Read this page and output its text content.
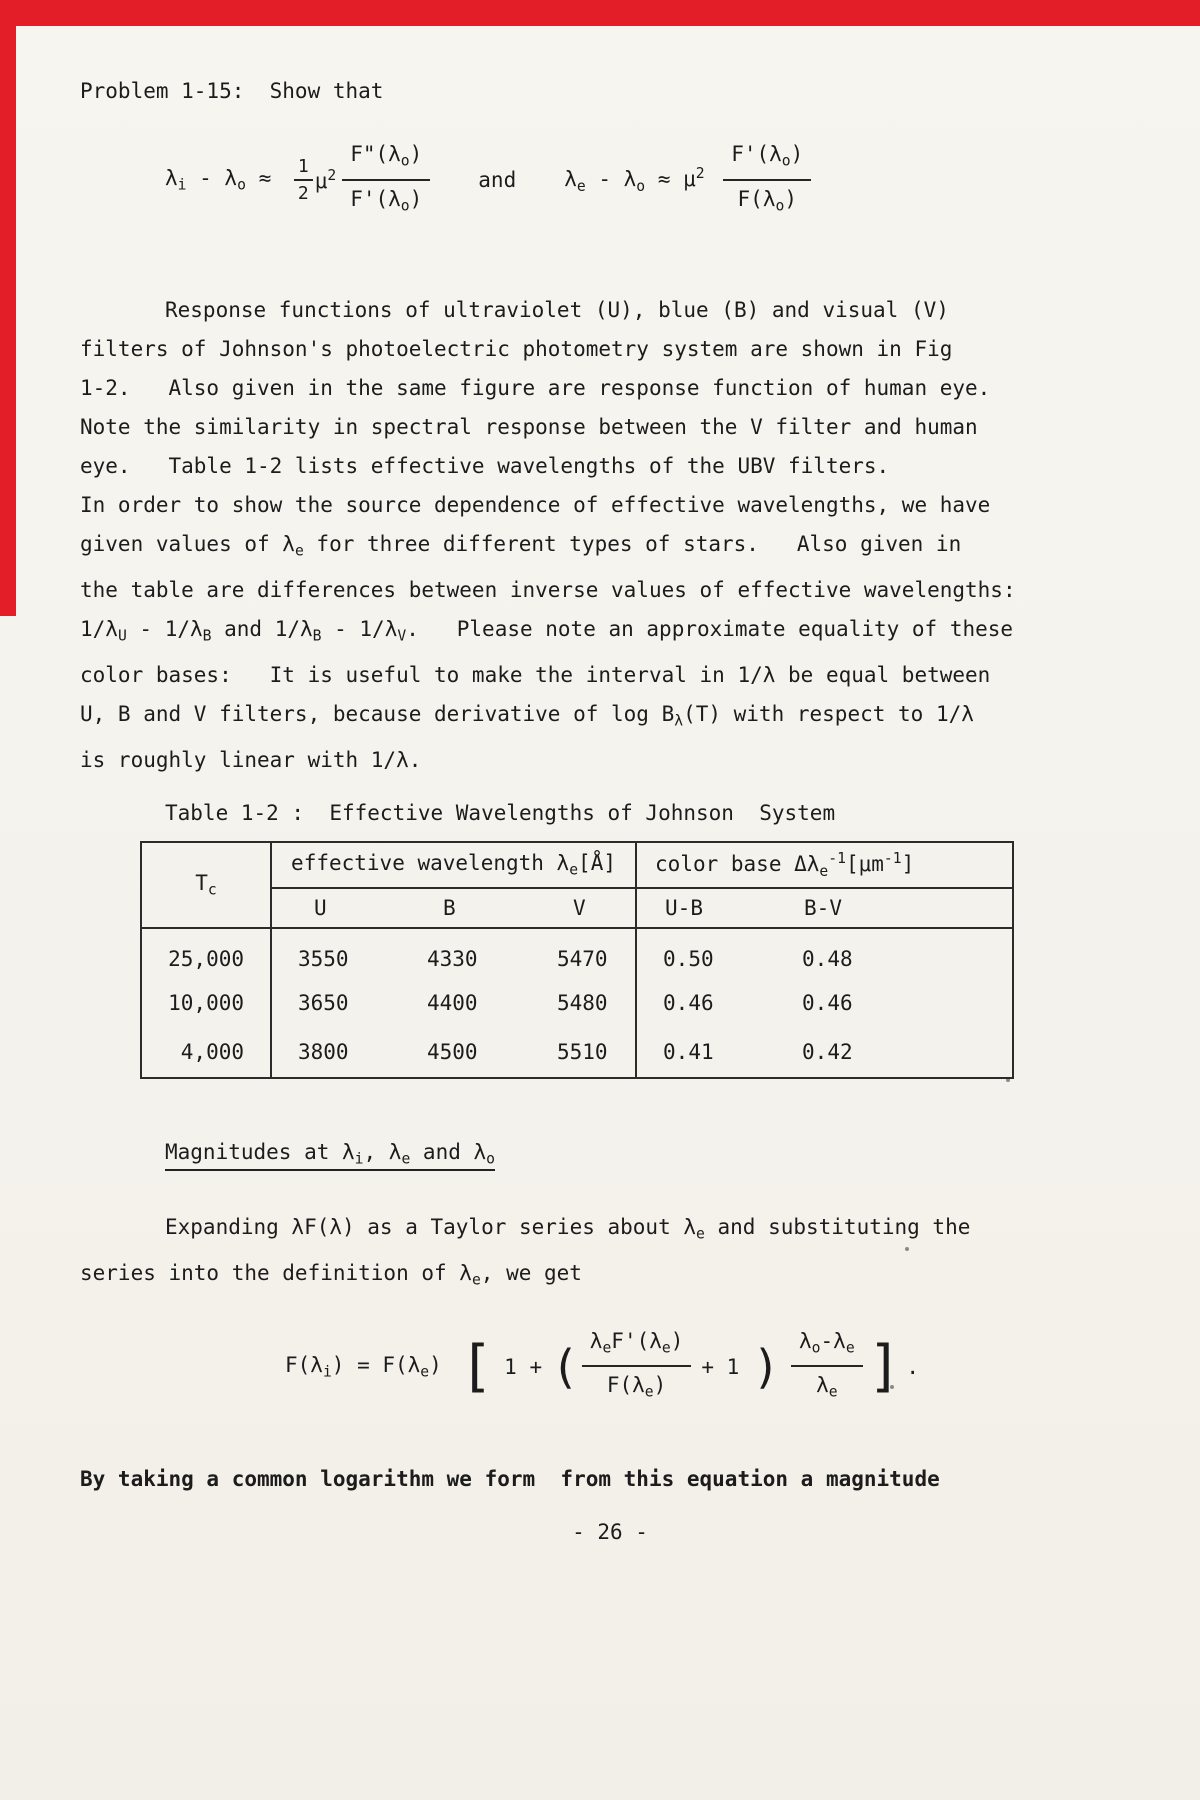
Problem 1-15:  Show that
$\lambda_i - \lambda_o \approx \frac{1}{2} \mu^2 \frac{F"(\lambda_o)}{F'(\lambda_o)}$ and $\lambda_e - \lambda_o \approx \mu^2 \frac{F'(\lambda_o)}{F(\lambda_o)}$
Response functions of ultraviolet (U), blue (B) and visual (V)
filters of Johnson's photoelectric photometry system are shown in Fig
1-2.   Also given in the same figure are response function of human eye.
Note the similarity in spectral response between the V filter and human
eye.   Table 1-2 lists effective wavelengths of the UBV filters.
In order to show the source dependence of effective wavelengths, we have
given values of $\lambda_e$ for three different types of stars.   Also given in
the table are differences between inverse values of effective wavelengths:
$1/\lambda_U - 1/\lambda_B$ and $1/\lambda_B - 1/\lambda_V$.   Please note an approximate equality of these
color bases:   It is useful to make the interval in 1/λ be equal between
U, B and V filters, because derivative of $\log B_\lambda(T)$ with respect to 1/λ
is roughly linear with 1/λ.
Table 1-2 :  Effective Wavelengths of Johnson  System
$T_c$	effective wavelength $\lambda_e[Å]$			color base $\Delta\lambda_e^{-1}[\mu m^{-1}]$	
	U	B	V	U-B	B-V
25,000	3550	4330	5470	0.50	0.48
10,000	3650	4400	5480	0.46	0.46
4,000	3800	4500	5510	0.41	0.42
Magnitudes at $\lambda_i$, $\lambda_e$ and $\lambda_o$
Expanding λF(λ) as a Taylor series about $\lambda_e$ and substituting the
series into the definition of $\lambda_e$, we get
$F(\lambda_i) = F(\lambda_e)$ [ 1 + ( $\frac{\lambda_eF'(\lambda_e)}{F(\lambda_e)} + 1$ ) $\frac{\lambda_o-\lambda_e}{\lambda_e}$ ] .
By taking a common logarithm we form  from this equation a magnitude
- 26 -
